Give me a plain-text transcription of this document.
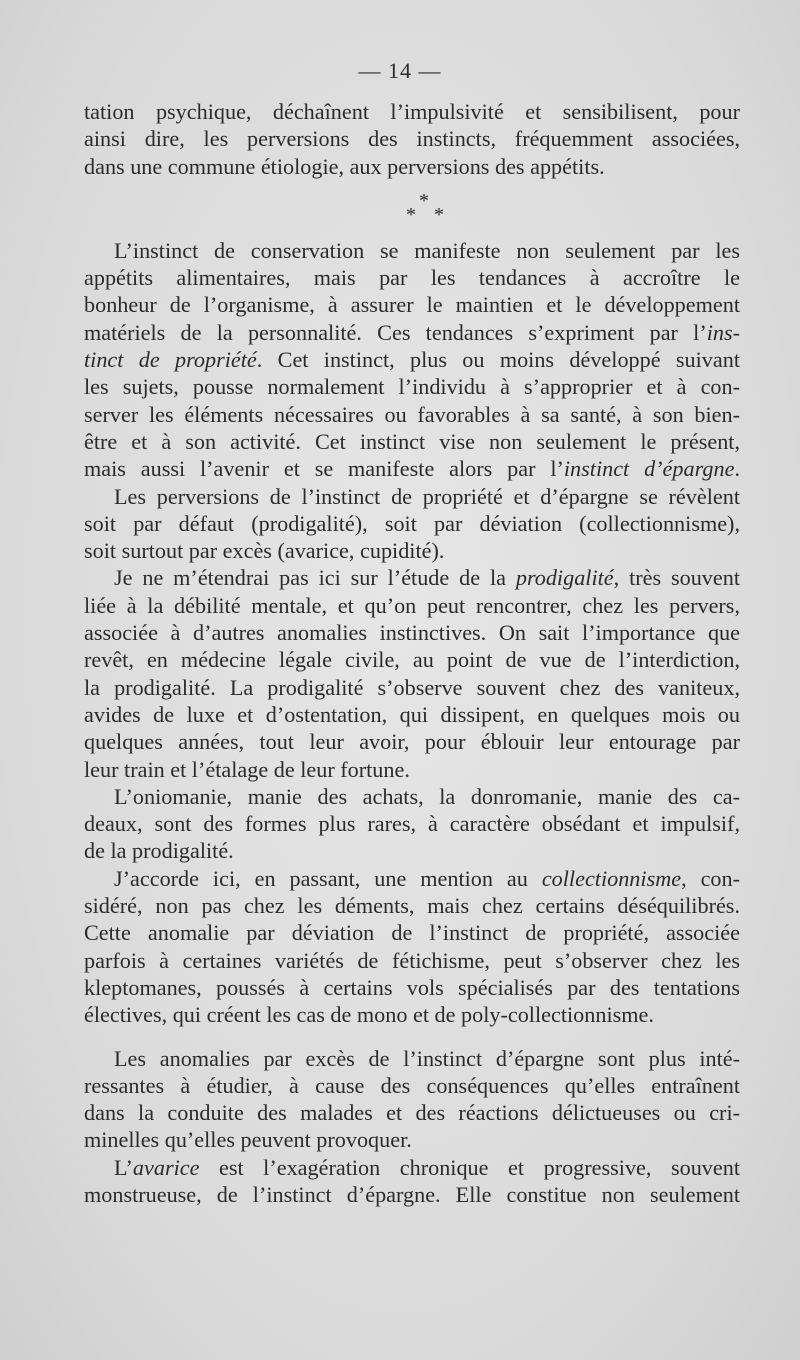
— 14 —

tation psychique, déchaînent l’impulsivité et sensibilisent, pour
ainsi dire, les perversions des instincts, fréquemment associées,
dans une commune étiologie, aux perversions des appétits.

*
* *

L’instinct de conservation se manifeste non seulement par les
appétits alimentaires, mais par les tendances à accroître le
bonheur de l’organisme, à assurer le maintien et le développement
matériels de la personnalité. Ces tendances s’expriment par l’ins-
tinct de propriété. Cet instinct, plus ou moins développé suivant
les sujets, pousse normalement l’individu à s’approprier et à con-
server les éléments nécessaires ou favorables à sa santé, à son bien-
être et à son activité. Cet instinct vise non seulement le présent,
mais aussi l’avenir et se manifeste alors par l’instinct d’épargne.

Les perversions de l’instinct de propriété et d’épargne se révèlent
soit par défaut (prodigalité), soit par déviation (collectionnisme),
soit surtout par excès (avarice, cupidité).

Je ne m’étendrai pas ici sur l’étude de la prodigalité, très souvent
liée à la débilité mentale, et qu’on peut rencontrer, chez les pervers,
associée à d’autres anomalies instinctives. On sait l’importance que
revêt, en médecine légale civile, au point de vue de l’interdiction,
la prodigalité. La prodigalité s’observe souvent chez des vaniteux,
avides de luxe et d’ostentation, qui dissipent, en quelques mois ou
quelques années, tout leur avoir, pour éblouir leur entourage par
leur train et l’étalage de leur fortune.

L’oniomanie, manie des achats, la donromanie, manie des ca-
deaux, sont des formes plus rares, à caractère obsédant et impulsif,
de la prodigalité.

J’accorde ici, en passant, une mention au collectionnisme, con-
sidéré, non pas chez les déments, mais chez certains déséquilibrés.
Cette anomalie par déviation de l’instinct de propriété, associée
parfois à certaines variétés de fétichisme, peut s’observer chez les
kleptomanes, poussés à certains vols spécialisés par des tentations
électives, qui créent les cas de mono et de poly-collectionnisme.

Les anomalies par excès de l’instinct d’épargne sont plus inté-
ressantes à étudier, à cause des conséquences qu’elles entraînent
dans la conduite des malades et des réactions délictueuses ou cri-
minelles qu’elles peuvent provoquer.

L’avarice est l’exagération chronique et progressive, souvent
monstrueuse, de l’instinct d’épargne. Elle constitue non seulement
